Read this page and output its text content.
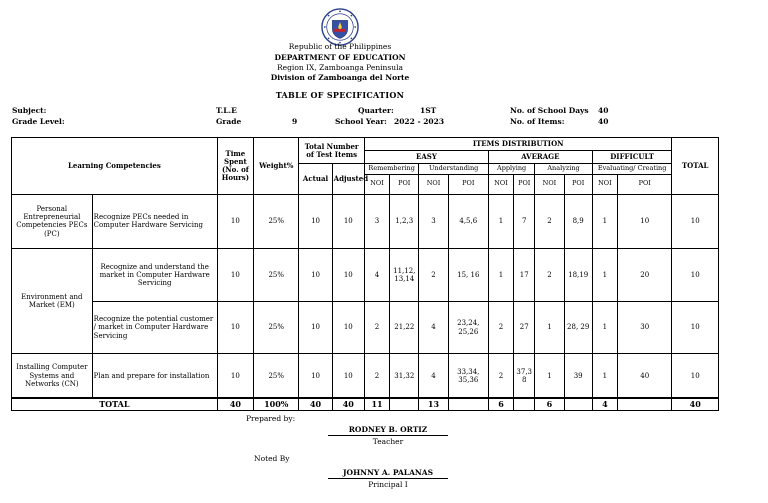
Republic of the Philippines
DEPARTMENT OF EDUCATION
Region IX, Zamboanga Peninsula
Division of Zamboanga del Norte
TABLE OF SPECIFICATION
Subject:	T.L.E
Grade Level:	Grade	9
Quarter:	1ST
School Year: 2022 - 2023
No. of School Days 40
No. of Items:	40
Learning Competencies		Time Spent (No. of Hours)	Weight%	Total Number of Test Items		ITEMS DISTRIBUTION										TOTAL
						EASY				AVERAGE				DIFFICULT		
				Actual	Adjusted	Remembering		Understanding		Applying		Analyzing		Evaluating/ Creating		
						NOI	POI	NOI	POI	NOI	POI	NOI	POI	NOI	POI	
Personal Entrepreneurial Competencies PECs (PC)	Recognize PECs needed in Computer Hardware Servicing	10	25%	10	10	3	1,2,3	3	4,5,6	1	7	2	8,9	1	10	10
Environment and Market (EM)	Recognize and understand the market in Computer Hardware Servicing	10	25%	10	10	4	11,12, 13,14	2	15, 16	1	17	2	18,19	1	20	10
	Recognize the potential customer / market in Computer Hardware Servicing	10	25%	10	10	2	21,22	4	23,24, 25,26	2	27	1	28, 29	1	30	10
Installing Computer Systems and Networks (CN)	Plan and prepare for installation	10	25%	10	10	2	31,32	4	33,34, 35,36	2	37,3 8	1	39	1	40	10
TOTAL		40	100%	40	40	11		13		6		6		4		40
Prepared by:
RODNEY B. ORTIZ
Teacher
Noted By
JOHNNY A. PALANAS
Principal I
